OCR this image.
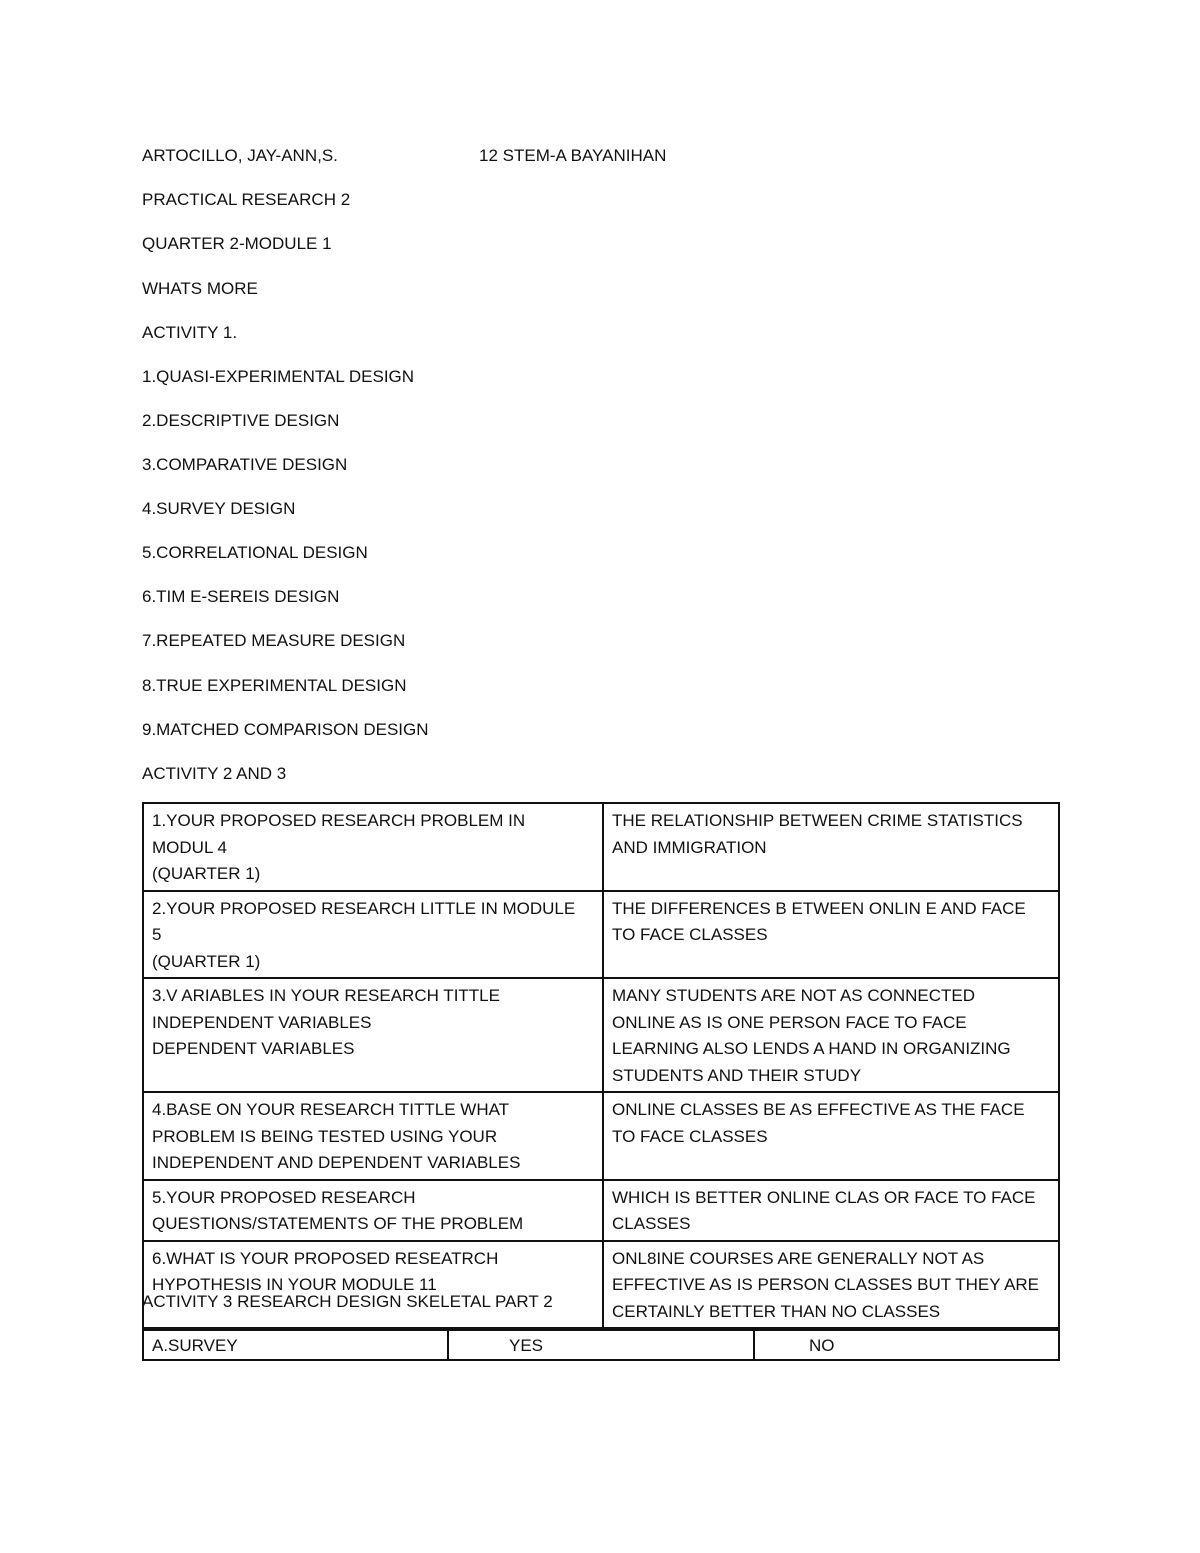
ARTOCILLO, JAY-ANN,S.	12 STEM-A BAYANIHAN
PRACTICAL RESEARCH 2
QUARTER 2-MODULE 1
WHATS MORE
ACTIVITY 1.
1.QUASI-EXPERIMENTAL DESIGN
2.DESCRIPTIVE DESIGN
3.COMPARATIVE DESIGN
4.SURVEY DESIGN
5.CORRELATIONAL DESIGN
6.TIM E-SEREIS DESIGN
7.REPEATED MEASURE DESIGN
8.TRUE EXPERIMENTAL DESIGN
9.MATCHED COMPARISON DESIGN
ACTIVITY 2 AND 3
1.YOUR PROPOSED RESEARCH PROBLEM IN
MODUL 4
(QUARTER 1)	THE RELATIONSHIP BETWEEN CRIME STATISTICS
AND IMMIGRATION

2.YOUR PROPOSED RESEARCH LITTLE IN MODULE
5
(QUARTER 1)	THE DIFFERENCES B ETWEEN ONLIN E AND FACE
TO FACE CLASSES

3.V ARIABLES IN YOUR RESEARCH TITTLE
INDEPENDENT VARIABLES
DEPENDENT VARIABLES	MANY STUDENTS ARE NOT AS CONNECTED
ONLINE AS IS ONE PERSON FACE TO FACE
LEARNING ALSO LENDS A HAND IN ORGANIZING
STUDENTS AND THEIR STUDY

4.BASE ON YOUR RESEARCH TITTLE WHAT
PROBLEM IS BEING TESTED USING YOUR
INDEPENDENT AND DEPENDENT VARIABLES	ONLINE CLASSES BE AS EFFECTIVE AS THE FACE
TO FACE CLASSES

5.YOUR PROPOSED RESEARCH
QUESTIONS/STATEMENTS OF THE PROBLEM	WHICH IS BETTER ONLINE CLAS OR FACE TO FACE
CLASSES

6.WHAT IS YOUR PROPOSED RESEATRCH
HYPOTHESIS IN YOUR MODULE 11	ONL8INE COURSES ARE GENERALLY NOT AS
EFFECTIVE AS IS PERSON CLASSES BUT THEY ARE
CERTAINLY BETTER THAN NO CLASSES
ACTIVITY 3 RESEARCH DESIGN SKELETAL PART 2
A.SURVEY	YES	NO
